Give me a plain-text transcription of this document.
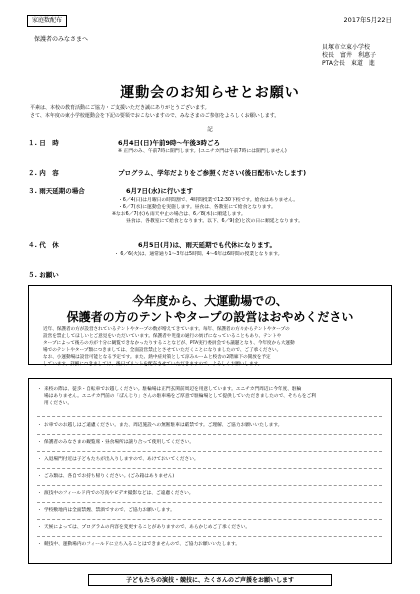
家庭数配布	2017年5月22日
保護者のみなさまへ
貝塚市立東小学校
校長　富井　利惠子
PTA会長　東道　進
運動会のお知らせとお願い
平素は、本校の教育活動にご協力・ご支援いただき誠にありがとうございます。
さて、本年度の東小学校運動会を下記の要領でおこないますので、みなさまのご参加をよろしくお願いします。
記
１. 日　時	6月4日(日)午前9時〜午後3時ごろ
※ 正門のみ、午前7時に開門します。(ユニチカ門は午前7時には開門しません)
２. 内　容	プログラム、学年だよりをご参照ください(後日配布いたします)
３. 雨天延期の場合	6月7日(水)に行います
・6／4(日)は月曜日の時間割で、4時間授業で12:30下校です。給食はありません。
・6／7(水)に運動会を実施します。昼食は、各教室にて給食となります。
※なお6／7(水)も雨天中止の場合は、6／8(木)に順延します。
昼食は、各教室にて給食となります。以下、6／9(金)と次の日に順延となります。
４. 代　休	6月5日(月)は、雨天延期でも代休になります。
・ 6／6(火)は、通常通り1〜3年は5時間、4〜6年は6時間の授業となります。
５. お願い
今年度から、大運動場での、
保護者の方のテントやタープの設営はおやめください
近年、保護者の方が設営されているテントやタープの数が増えてきています。毎年、保護者の方々からテントやタープの
設営を禁止してほしいとご意見をいただいています。保護者や児童の通行の妨げになっていることもあり、テントや
タープによって後ろの方が十分に観覧できなかったりすることなどが、PTA実行委員会でも議題となり、今年度から大運動
場でのテントやタープ類につきましては、全面設営禁止とさせていただくことになりましたので、ご了承ください。
なお、小運動場は設営可能となる予定です。また、熱中症対策として涼みルームと校舎の2階廊下の開放を予定
しています。詳細につきましては、後日プリントを配布させていただきますので、よろしくお願いします。
・ 来校の際は、徒歩・自転車でお越しください。駐輪場は正門玄関前周辺を用意しています。ユニチカ門周辺に今年度、駐輪
場はありません。ユニチカ門前の「ぽんじり」さんの駐車場をご厚意で駐輪場として提供していただきましたので、そちらをご利
用ください。
・ お車でのお越しはご遠慮ください。また、周辺施設への無断駐車は厳禁です。ご理解、ご協力お願いいたします。
・ 保護者のみなさまの観覧席・昼食場所は譲り合って使用してください。
・ 入退場門付近は子どもたちが出入りしますので、あけておいてください。
・ ごみ類は、各自でお持ち帰りください。(ごみ箱はありません)
・ 演技中のフィールド内での写真やビデオ撮影などは、ご遠慮ください。
・ 学校敷地内は全面禁煙、禁酒ですので、ご協力お願いします。
・ 天候によっては、プログラムの内容を変更することがありますので、あらかじめご了承ください。
・ 競技中、運動場内のフィールドに立ち入ることはできませんので、ご協力お願いいたします。
子どもたちの演技・競技に、たくさんのご声援をお願いします
